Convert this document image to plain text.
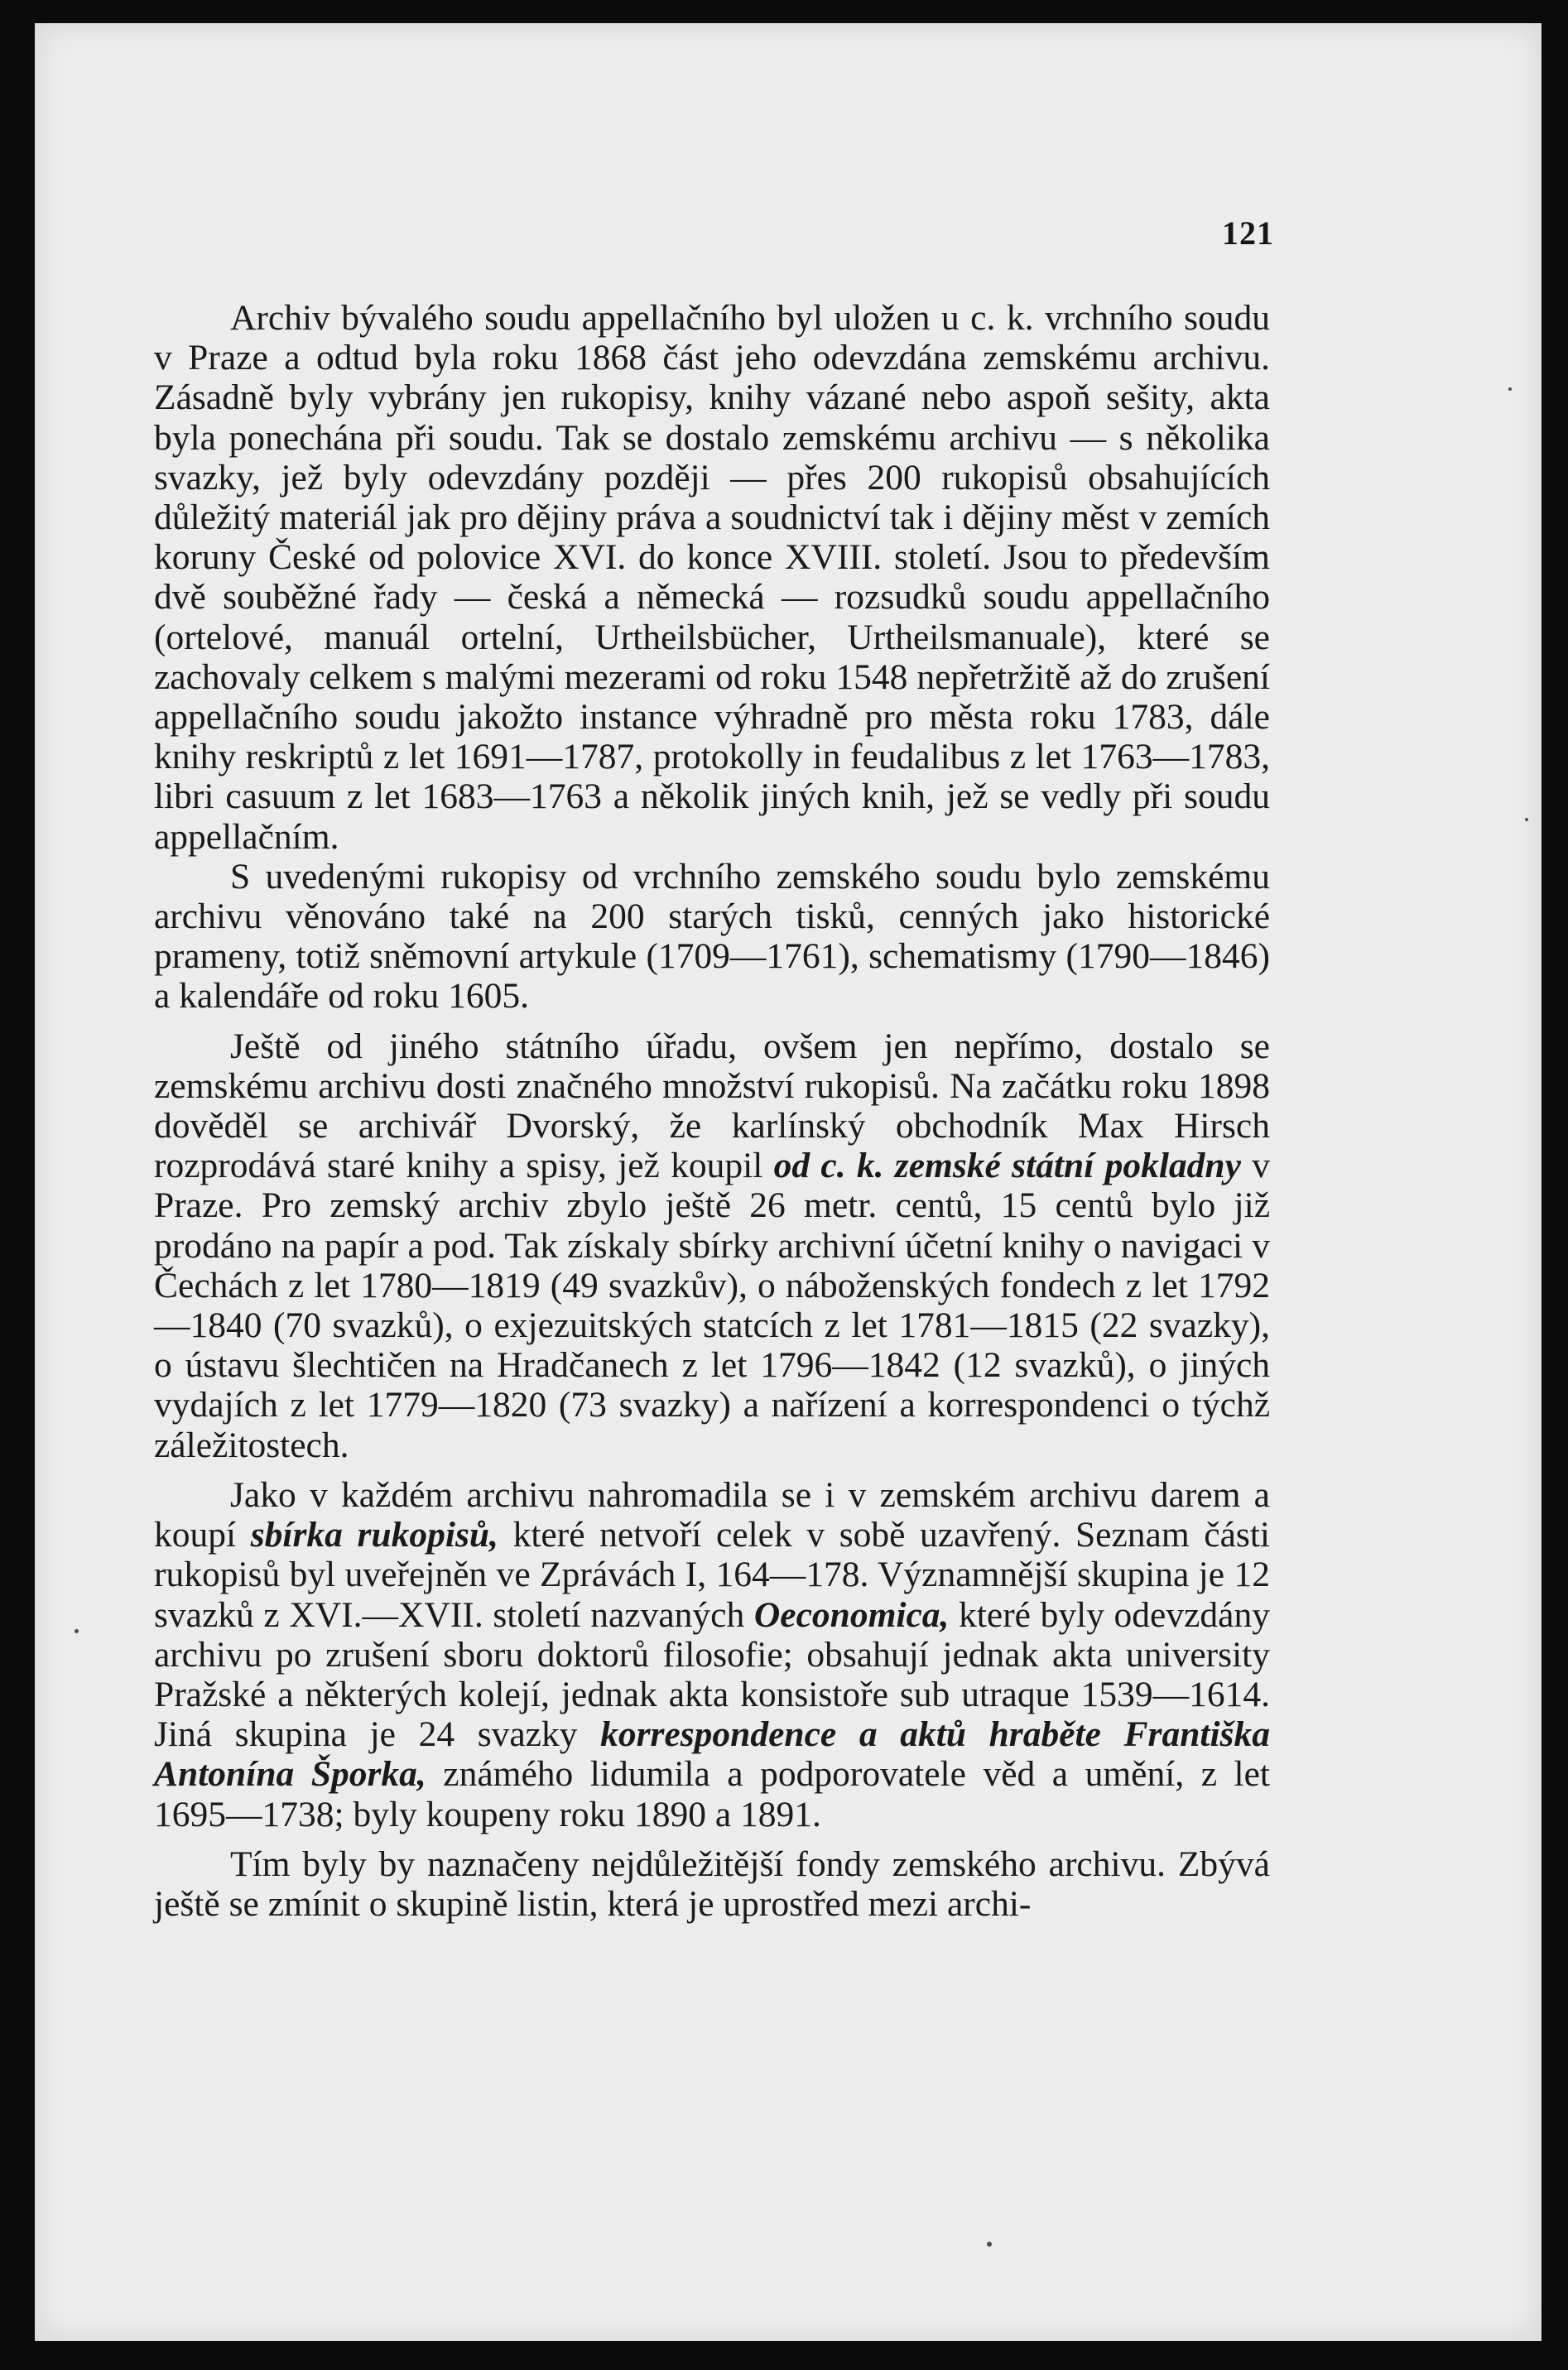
121

Archiv bývalého soudu appellačního byl uložen u c. k. vrchního soudu v Praze a odtud byla roku 1868 část jeho odevzdána zemskému archivu. Zásadně byly vybrány jen rukopisy, knihy vázané nebo aspoň sešity, akta byla ponechána při soudu. Tak se dostalo zemskému archivu — s několika svazky, jež byly odevzdány později — přes 200 rukopisů obsahujících důležitý materiál jak pro dějiny práva a soudnictví tak i dějiny měst v zemích koruny České od polovice XVI. do konce XVIII. století. Jsou to především dvě souběžné řady — česká a německá — rozsudků soudu appellačního (ortelové, manuál ortelní, Urtheilsbücher, Urtheilsmanuale), které se zachovaly celkem s malými mezerami od roku 1548 nepřetržitě až do zrušení appellačního soudu jakožto instance výhradně pro města roku 1783, dále knihy reskriptů z let 1691—1787, protokolly in feudalibus z let 1763—1783, libri casuum z let 1683—1763 a několik jiných knih, jež se vedly při soudu appellačním.

S uvedenými rukopisy od vrchního zemského soudu bylo zemskému archivu věnováno také na 200 starých tisků, cenných jako historické prameny, totiž sněmovní artykule (1709—1761), schematismy (1790—1846) a kalendáře od roku 1605.

Ještě od jiného státního úřadu, ovšem jen nepřímo, dostalo se zemskému archivu dosti značného množství rukopisů. Na začátku roku 1898 dověděl se archivář Dvorský, že karlínský obchodník Max Hirsch rozprodává staré knihy a spisy, jež koupil od c. k. zemské státní pokladny v Praze. Pro zemský archiv zbylo ještě 26 metr. centů, 15 centů bylo již prodáno na papír a pod. Tak získaly sbírky archivní účetní knihy o navigaci v Čechách z let 1780—1819 (49 svazkův), o náboženských fondech z let 1792—1840 (70 svazků), o exjezuitských statcích z let 1781—1815 (22 svazky), o ústavu šlechtičen na Hradčanech z let 1796—1842 (12 svazků), o jiných vydajích z let 1779—1820 (73 svazky) a nařízení a korrespondenci o týchž záležitostech.

Jako v každém archivu nahromadila se i v zemském archivu darem a koupí sbírka rukopisů, které netvoří celek v sobě uzavřený. Seznam části rukopisů byl uveřejněn ve Zprávách I, 164—178. Významnější skupina je 12 svazků z XVI.—XVII. století nazvaných Oeconomica, které byly odevzdány archivu po zrušení sboru doktorů filosofie; obsahují jednak akta university Pražské a některých kolejí, jednak akta konsistoře sub utraque 1539—1614. Jiná skupina je 24 svazky korrespondence a aktů hraběte Františka Antonína Šporka, známého lidumila a podporovatele věd a umění, z let 1695—1738; byly koupeny roku 1890 a 1891.

Tím byly by naznačeny nejdůležitější fondy zemského archivu. Zbývá ještě se zmínit o skupině listin, která je uprostřed mezi archi-
